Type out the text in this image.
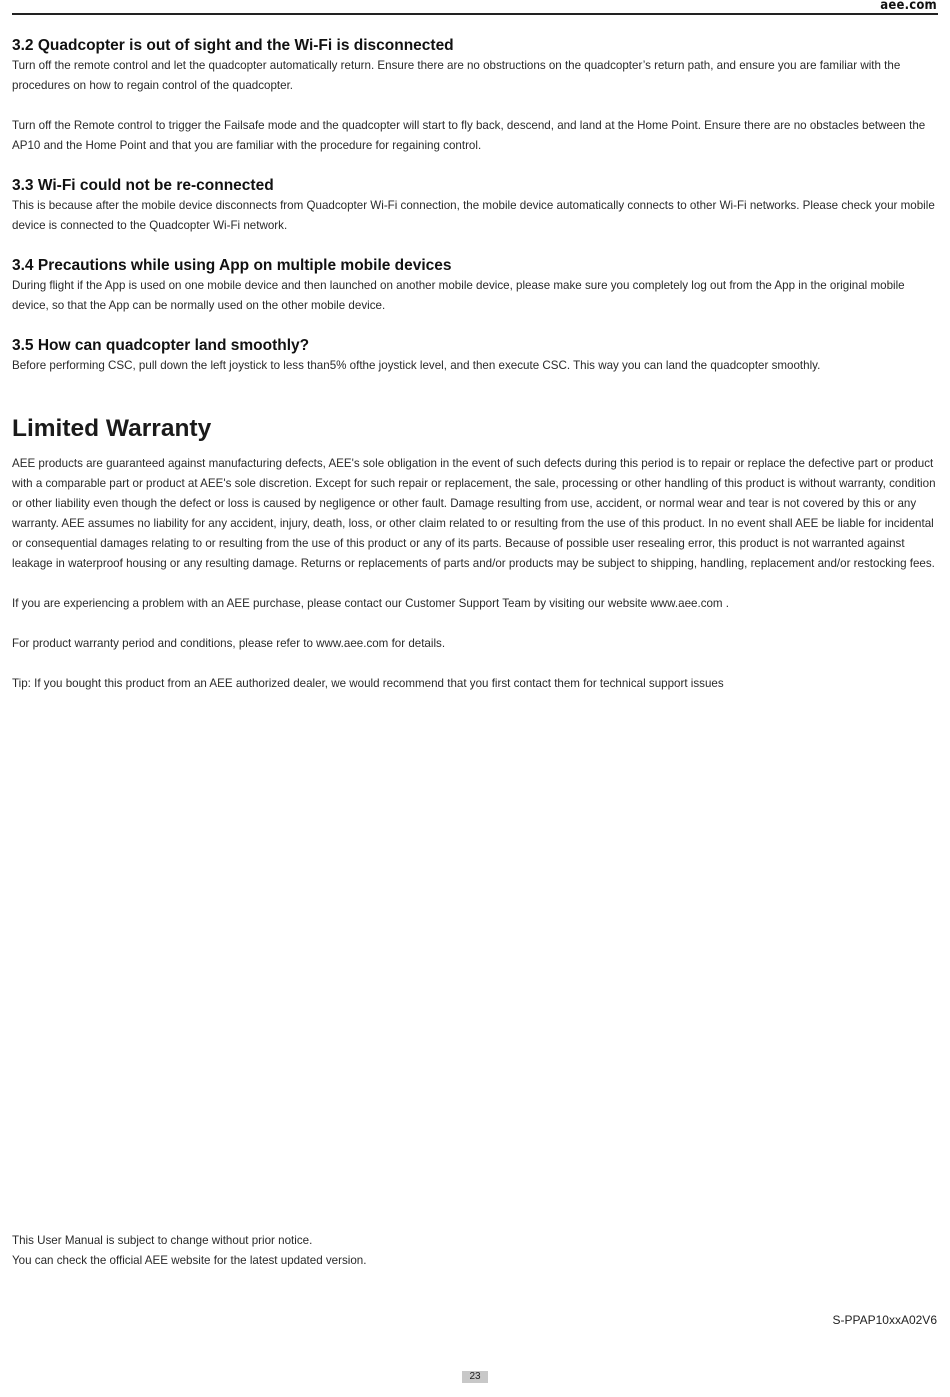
aee.com
3.2 Quadcopter is out of sight and the Wi-Fi is disconnected
Turn off the remote control and let the quadcopter automatically return. Ensure there are no obstructions on the quadcopter’s return path, and ensure you are familiar with the procedures on how to regain control of the quadcopter.
Turn off the Remote control to trigger the Failsafe mode and the quadcopter will start to fly back, descend, and land at the Home Point. Ensure there are no obstacles between the AP10 and the Home Point and that you are familiar with the procedure for regaining control.
3.3 Wi-Fi could not be re-connected
This is because after the mobile device disconnects from Quadcopter Wi-Fi connection, the mobile device automatically connects to other Wi-Fi networks. Please check your mobile device is connected to the Quadcopter Wi-Fi network.
3.4 Precautions while using App on multiple mobile devices
During flight if the App is used on one mobile device and then launched on another mobile device, please make sure you completely log out from the App in the original mobile device, so that the App can be normally used on the other mobile device.
3.5 How can quadcopter land smoothly?
Before performing CSC, pull down the left joystick to less than5% ofthe joystick level, and then execute CSC. This way you can land the quadcopter smoothly.
Limited Warranty
AEE products are guaranteed against manufacturing defects, AEE's sole obligation in the event of such defects during this period is to repair or replace the defective part or product with a comparable part or product at AEE's sole discretion. Except for such repair or replacement, the sale, processing or other handling of this product is without warranty, condition or other liability even though the defect or loss is caused by negligence or other fault. Damage resulting from use, accident, or normal wear and tear is not covered by this or any warranty. AEE assumes no liability for any accident, injury, death, loss, or other claim related to or resulting from the use of this product. In no event shall AEE be liable for incidental or consequential damages relating to or resulting from the use of this product or any of its parts. Because of possible user resealing error, this product is not warranted against leakage in waterproof housing or any resulting damage. Returns or replacements of parts and/or products may be subject to shipping, handling, replacement and/or restocking fees.
If you are experiencing a problem with an AEE purchase, please contact our Customer Support Team by visiting our website www.aee.com .
For product warranty period and conditions, please refer to www.aee.com for details.
Tip: If you bought this product from an AEE authorized dealer, we would recommend that you first contact them for technical support issues
This User Manual is subject to change without prior notice.
You can check the official AEE website for the latest updated version.
S-PPAP10xxA02V6
23
